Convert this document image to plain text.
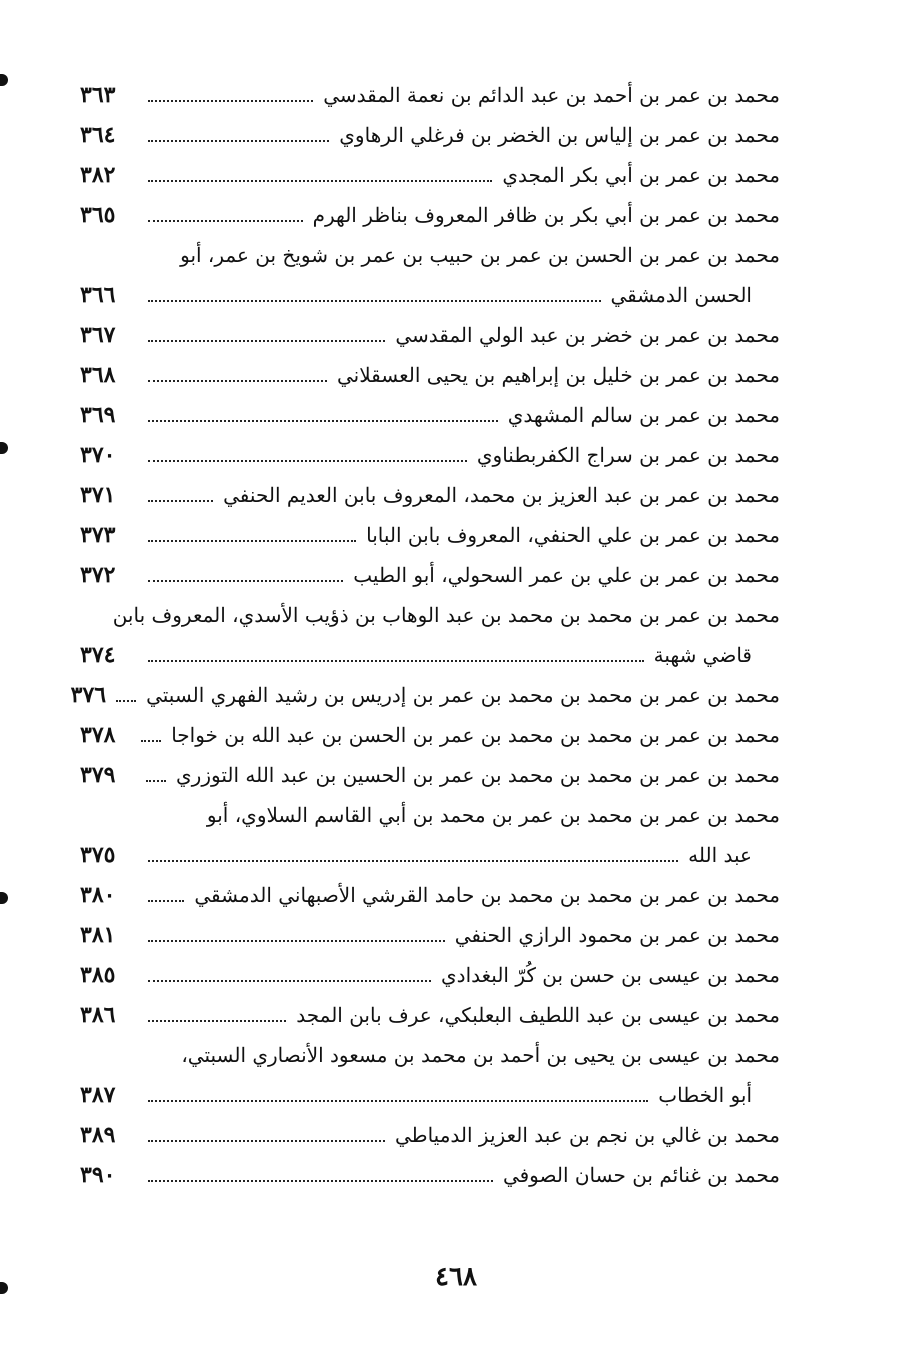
محمد بن عمر بن أحمد بن عبد الدائم بن نعمة المقدسي
٣٦٣
محمد بن عمر بن إلياس بن الخضر بن فرغلي الرهاوي
٣٦٤
محمد بن عمر بن أبي بكر المجدي
٣٨٢
محمد بن عمر بن أبي بكر بن ظافر المعروف بناظر الهرم
٣٦٥
محمد بن عمر بن الحسن بن عمر بن حبيب بن عمر بن شويخ بن عمر، أبو
الحسن الدمشقي
٣٦٦
محمد بن عمر بن خضر بن عبد الولي المقدسي
٣٦٧
محمد بن عمر بن خليل بن إبراهيم بن يحيى العسقلاني
٣٦٨
محمد بن عمر بن سالم المشهدي
٣٦٩
محمد بن عمر بن سراج الكفربطناوي
٣٧٠
محمد بن عمر بن عبد العزيز بن محمد، المعروف بابن العديم الحنفي
٣٧١
محمد بن عمر بن علي الحنفي، المعروف بابن البابا
٣٧٣
محمد بن عمر بن علي بن عمر السحولي، أبو الطيب
٣٧٢
محمد بن عمر بن محمد بن محمد بن عبد الوهاب بن ذؤيب الأسدي، المعروف بابن
قاضي شهبة
٣٧٤
محمد بن عمر بن محمد بن محمد بن عمر بن إدريس بن رشيد الفهري السبتي
٣٧٦
محمد بن عمر بن محمد بن محمد بن عمر بن الحسن بن عبد الله بن خواجا
٣٧٨
محمد بن عمر بن محمد بن محمد بن عمر بن الحسين بن عبد الله التوزري
٣٧٩
محمد بن عمر بن محمد بن عمر بن محمد بن أبي القاسم السلاوي، أبو
عبد الله
٣٧٥
محمد بن عمر بن محمد بن محمد بن حامد القرشي الأصبهاني الدمشقي
٣٨٠
محمد بن عمر بن محمود الرازي الحنفي
٣٨١
محمد بن عيسى بن حسن بن كُرّ البغدادي
٣٨٥
محمد بن عيسى بن عبد اللطيف البعلبكي، عرف بابن المجد
٣٨٦
محمد بن عيسى بن يحيى بن أحمد بن محمد بن مسعود الأنصاري السبتي،
أبو الخطاب
٣٨٧
محمد بن غالي بن نجم بن عبد العزيز الدمياطي
٣٨٩
محمد بن غنائم بن حسان الصوفي
٣٩٠
٤٦٨
